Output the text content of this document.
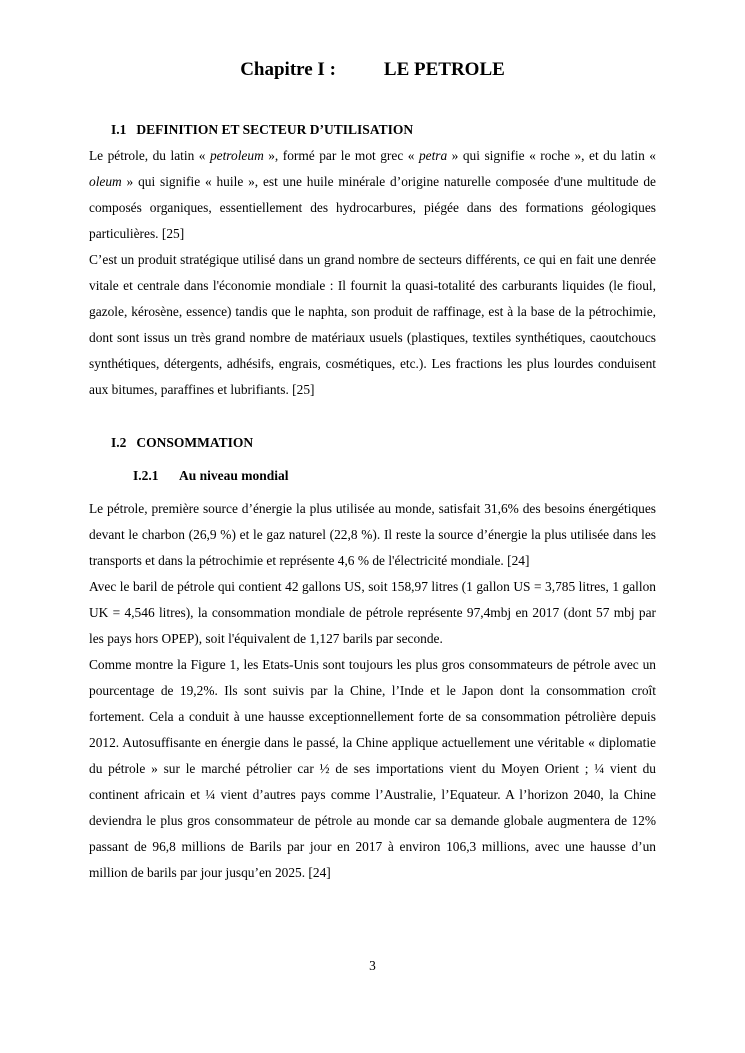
Chapitre I :	LE PETROLE
I.1 DEFINITION ET SECTEUR D’UTILISATION

Le pétrole, du latin « petroleum », formé par le mot grec « petra » qui signifie « roche », et du latin « oleum » qui signifie « huile », est une huile minérale d’origine naturelle composée d'une multitude de composés organiques, essentiellement des hydrocarbures, piégée dans des formations géologiques particulières. [25]

C’est un produit stratégique utilisé dans un grand nombre de secteurs différents, ce qui en fait une denrée vitale et centrale dans l'économie mondiale : Il fournit la quasi-totalité des carburants liquides (le fioul, gazole, kérosène, essence) tandis que le naphta, son produit de raffinage, est à la base de la pétrochimie, dont sont issus un très grand nombre de matériaux usuels (plastiques, textiles synthétiques, caoutchoucs synthétiques, détergents, adhésifs, engrais, cosmétiques, etc.). Les fractions les plus lourdes conduisent aux bitumes, paraffines et lubrifiants. [25]

I.2 CONSOMMATION
I.2.1 Au niveau mondial

Le pétrole, première source d’énergie la plus utilisée au monde, satisfait 31,6% des besoins énergétiques devant le charbon (26,9 %) et le gaz naturel (22,8 %). Il reste la source d’énergie la plus utilisée dans les transports et dans la pétrochimie et représente 4,6 % de l'électricité mondiale. [24]

Avec le baril de pétrole qui contient 42 gallons US, soit 158,97 litres (1 gallon US = 3,785 litres, 1 gallon UK = 4,546 litres), la consommation mondiale de pétrole représente 97,4mbj en 2017 (dont 57 mbj par les pays hors OPEP), soit l'équivalent de 1,127 barils par seconde.

Comme montre la Figure 1, les Etats-Unis sont toujours les plus gros consommateurs de pétrole avec un pourcentage de 19,2%. Ils sont suivis par la Chine, l’Inde et le Japon dont la consommation croît fortement. Cela a conduit à une hausse exceptionnellement forte de sa consommation pétrolière depuis 2012. Autosuffisante en énergie dans le passé, la Chine applique actuellement une véritable « diplomatie du pétrole » sur le marché pétrolier car ½ de ses importations vient du Moyen Orient ; ¼ vient du continent africain et ¼ vient d’autres pays comme l’Australie, l’Equateur. A l’horizon 2040, la Chine deviendra le plus gros consommateur de pétrole au monde car sa demande globale augmentera de 12% passant de 96,8 millions de Barils par jour en 2017 à environ 106,3 millions, avec une hausse d’un million de barils par jour jusqu’en 2025. [24]

3
